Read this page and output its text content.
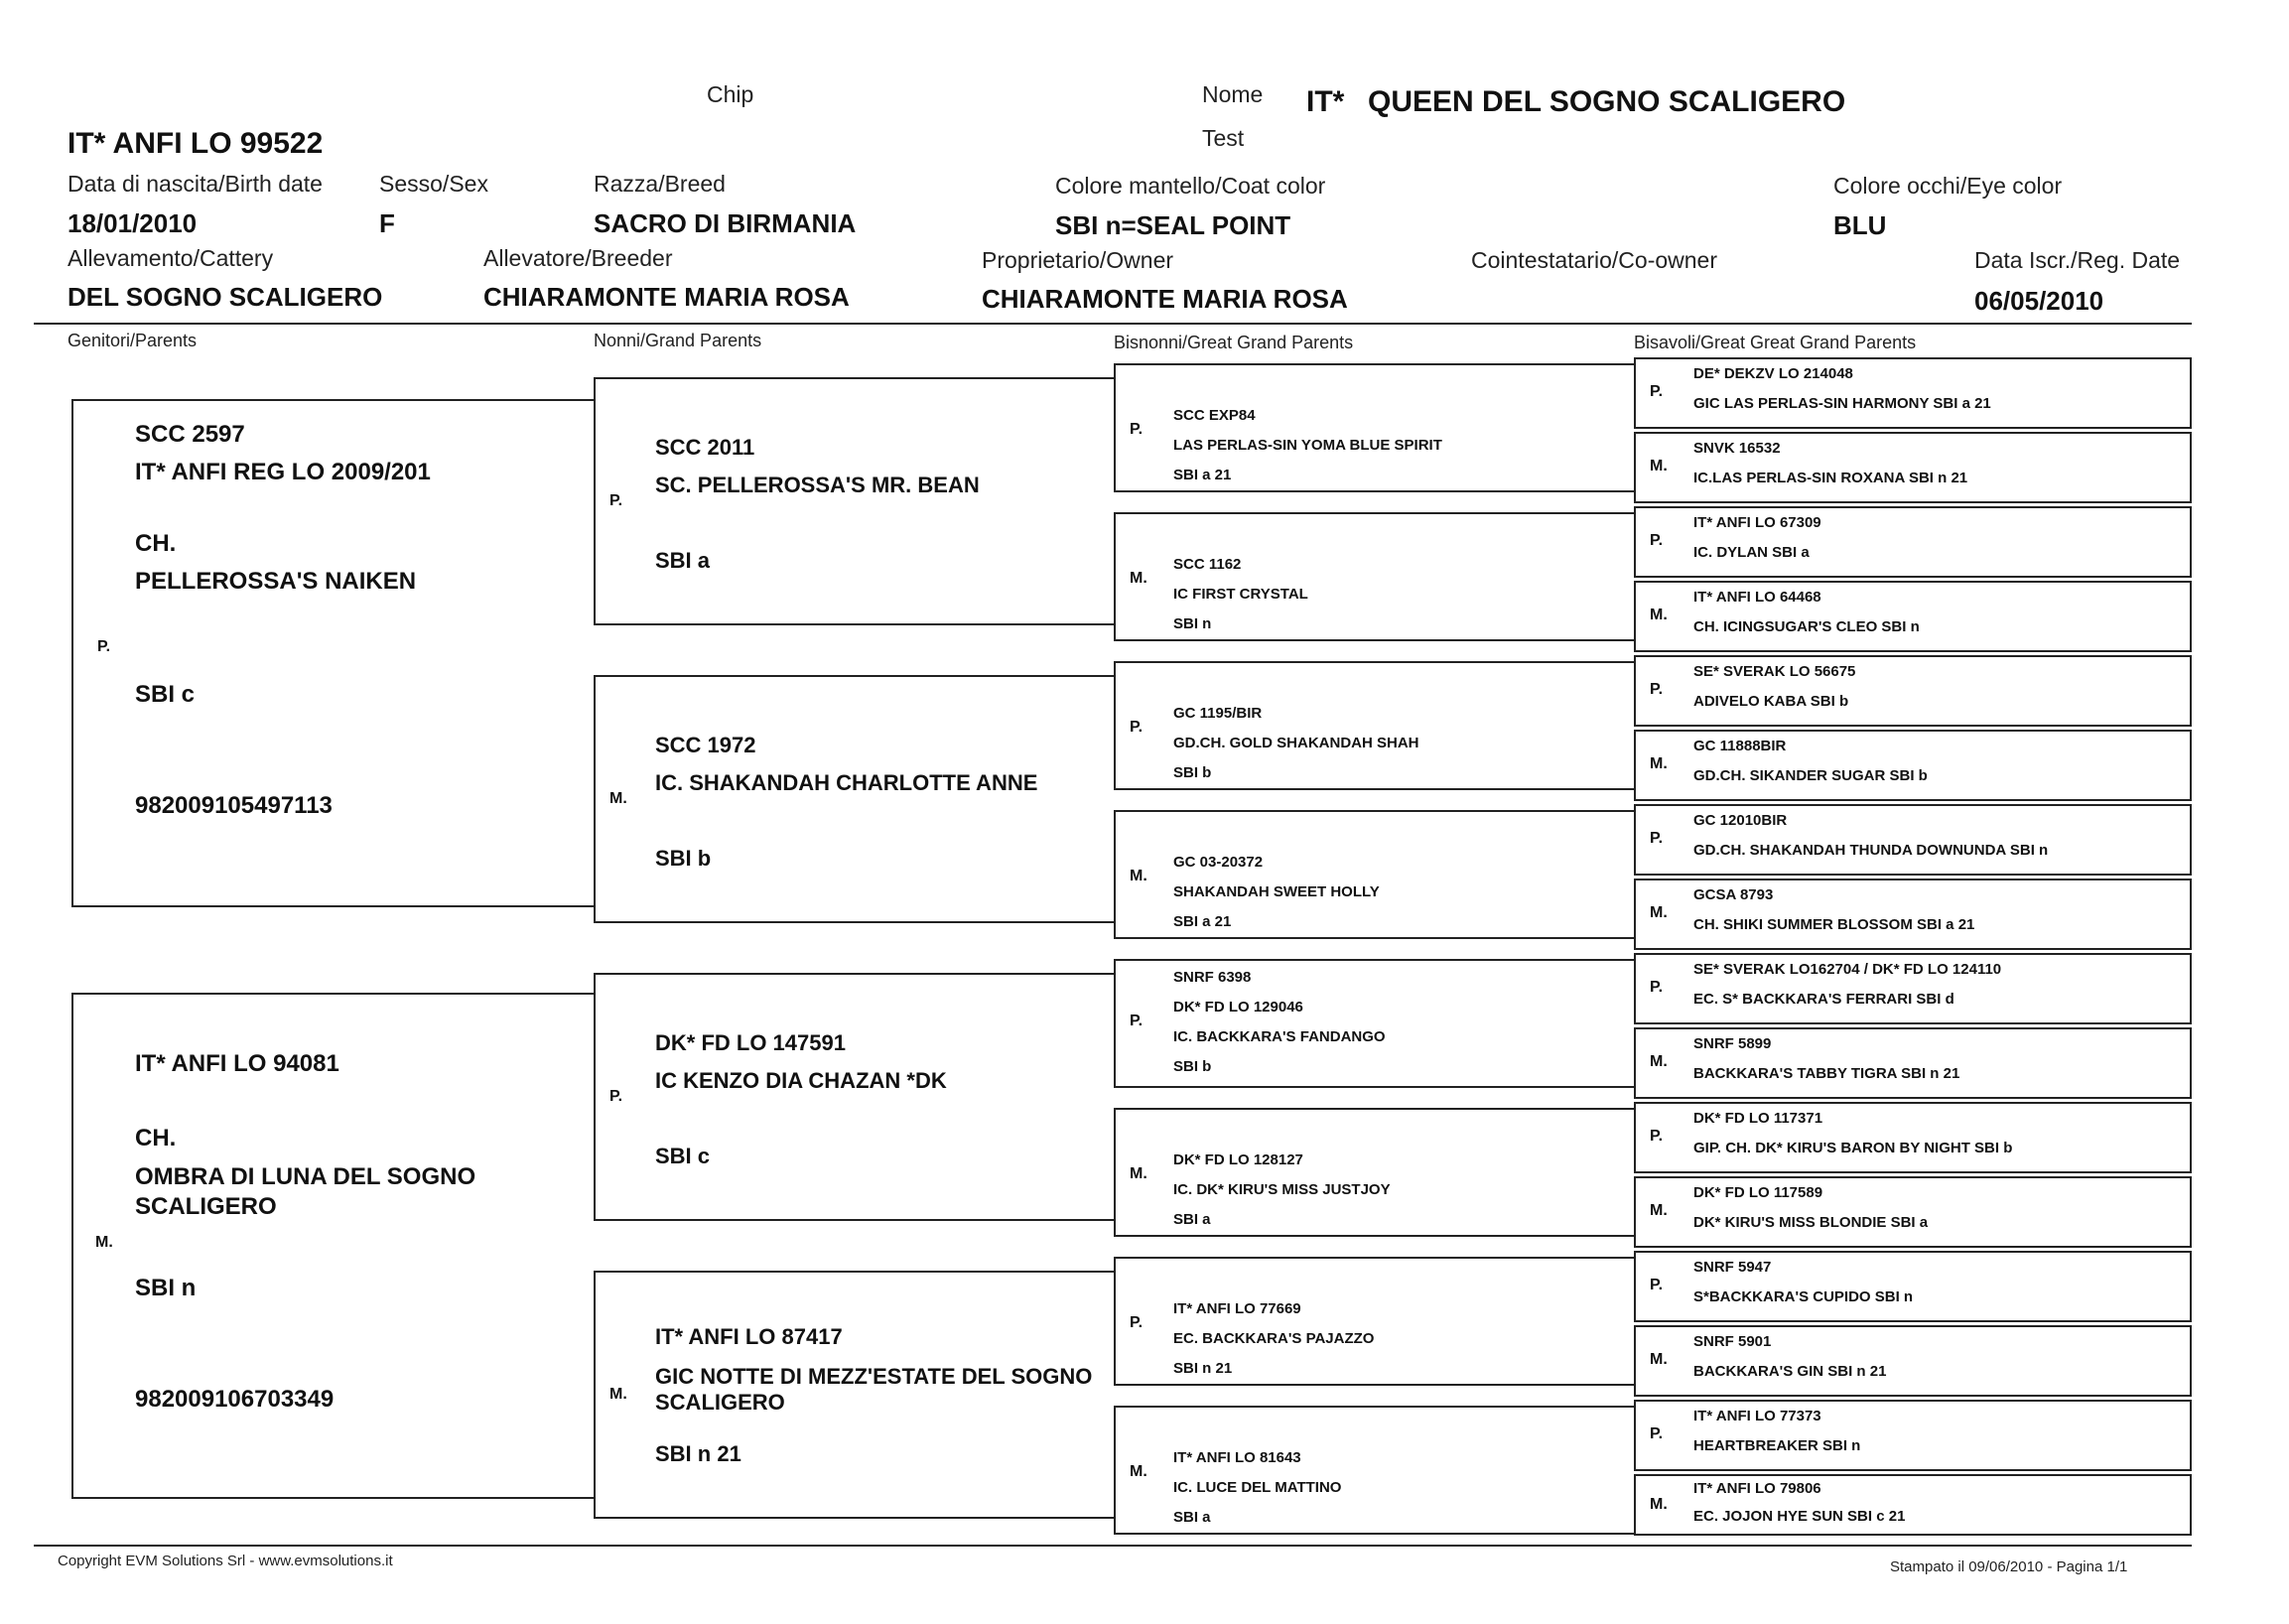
IT* ANFI LO 99522
Chip	Nome
Test
IT* QUEEN DEL SOGNO SCALIGERO
Data di nascita/Birth date
18/01/2010
Sesso/Sex
F
Razza/Breed
SACRO DI BIRMANIA
Colore mantello/Coat color
SBI n=SEAL POINT
Colore occhi/Eye color
BLU
Allevamento/Cattery
DEL SOGNO SCALIGERO
Allevatore/Breeder
CHIARAMONTE MARIA ROSA
Proprietario/Owner
CHIARAMONTE MARIA ROSA
Cointestatario/Co-owner	Data Iscr./Reg. Date
06/05/2010
Genitori/Parents	Nonni/Grand Parents	Bisnonni/Great Grand Parents	Bisavoli/Great Great Grand Parents
SCC 2597
IT* ANFI REG LO 2009/201
CH.
PELLEROSSA'S NAIKEN
SBI c
982009105497113
P.
IT* ANFI LO 94081
CH.
OMBRA DI LUNA DEL SOGNO
SCALIGERO
SBI n
982009106703349
M.
SCC 2011
SC. PELLEROSSA'S MR. BEAN
SBI a
P.
SCC 1972
IC. SHAKANDAH CHARLOTTE ANNE
SBI b
M.
DK* FD LO 147591
IC KENZO DIA CHAZAN *DK
SBI c
P.
IT* ANFI LO 87417
GIC NOTTE DI MEZZ'ESTATE DEL SOGNO
SCALIGERO
SBI n 21
M.
SCC EXP84
LAS PERLAS-SIN YOMA BLUE SPIRIT
SBI a 21
P.
SCC 1162
IC FIRST CRYSTAL
SBI n
M.
GC 1195/BIR
GD.CH. GOLD SHAKANDAH SHAH
SBI b
P.
GC 03-20372
SHAKANDAH SWEET HOLLY
SBI a 21
M.
SNRF 6398
DK* FD LO 129046
IC. BACKKARA'S FANDANGO
SBI b
P.
DK* FD LO 128127
IC. DK* KIRU'S MISS JUSTJOY
SBI a
M.
IT* ANFI LO 77669
EC. BACKKARA'S PAJAZZO
SBI n 21
P.
IT* ANFI LO 81643
IC. LUCE DEL MATTINO
SBI a
M.
DE* DEKZV LO 214048
GIC LAS PERLAS-SIN HARMONY SBI a 21
P.
SNVK 16532
IC.LAS PERLAS-SIN ROXANA SBI n 21
M.
IT* ANFI LO 67309
IC. DYLAN SBI a
P.
IT* ANFI LO 64468
CH. ICINGSUGAR'S CLEO SBI n
M.
SE* SVERAK LO 56675
ADIVELO KABA SBI b
P.
GC 11888BIR
GD.CH. SIKANDER SUGAR SBI b
M.
GC 12010BIR
GD.CH. SHAKANDAH THUNDA DOWNUNDA SBI n
P.
GCSA 8793
CH. SHIKI SUMMER BLOSSOM SBI a 21
M.
SE* SVERAK LO162704 / DK* FD LO 124110
EC. S* BACKKARA'S FERRARI SBI d
P.
SNRF 5899
BACKKARA'S TABBY TIGRA SBI n 21
M.
DK* FD LO 117371
GIP. CH. DK* KIRU'S BARON BY NIGHT SBI b
P.
DK* FD LO 117589
DK* KIRU'S MISS BLONDIE SBI a
M.
SNRF 5947
S*BACKKARA'S CUPIDO SBI n
P.
SNRF 5901
BACKKARA'S GIN SBI n 21
M.
IT* ANFI LO 77373
HEARTBREAKER SBI n
P.
IT* ANFI LO 79806
EC. JOJON HYE SUN SBI c 21
M.
Copyright EVM Solutions Srl - www.evmsolutions.it	Stampato il 09/06/2010 - Pagina 1/1
